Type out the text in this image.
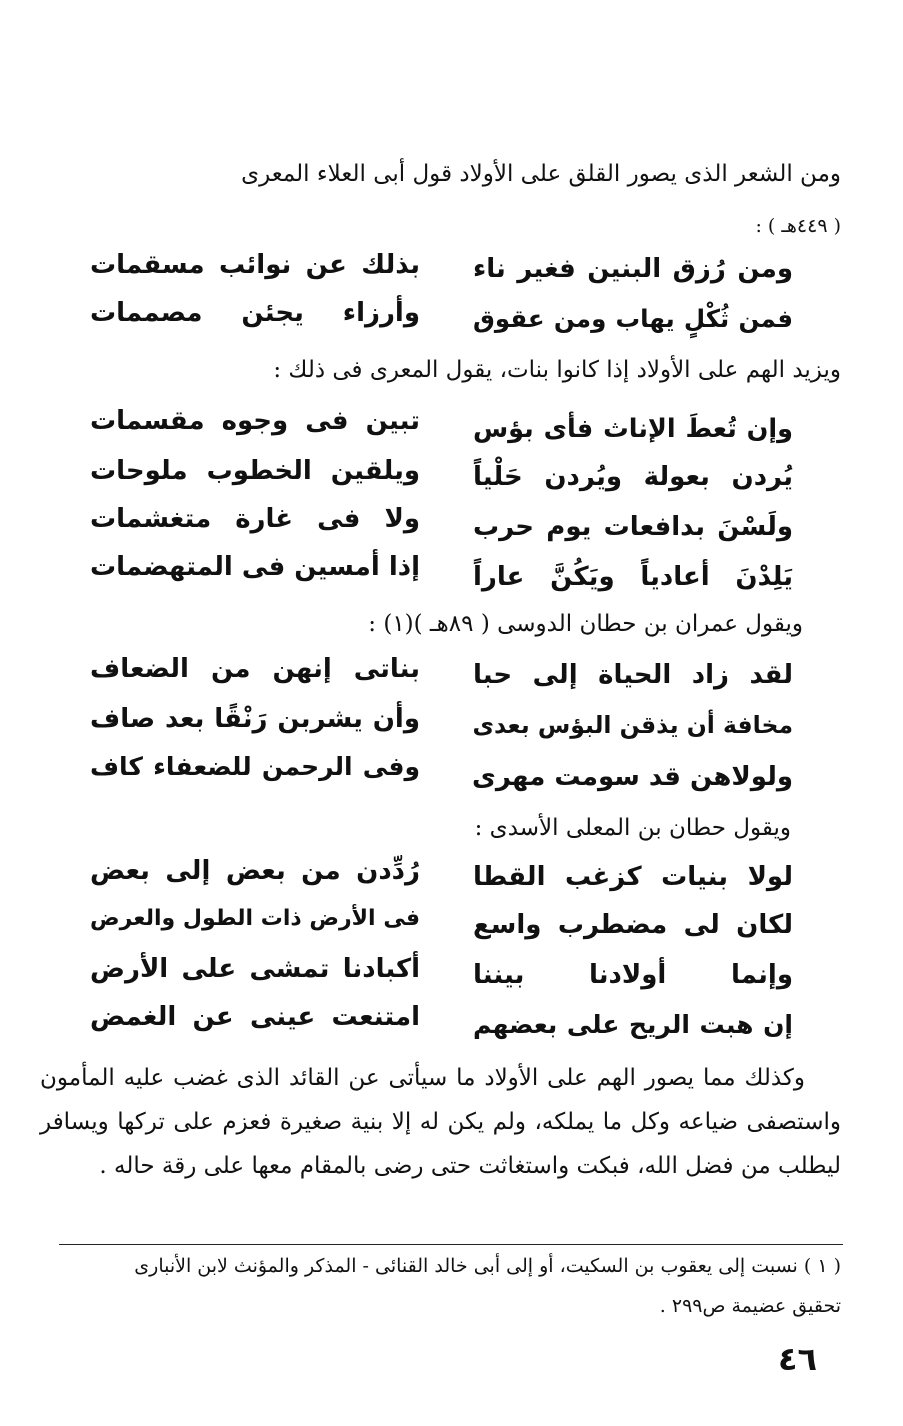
ومن الشعر الذى يصور القلق على الأولاد قول أبى العلاء المعرى
( ٤٤٩هـ ) :
ومن رُزق البنين فغير ناء
بذلك عن نوائب مسقمات
فمن ثُكْلٍ يهاب ومن عقوق
وأرزاء يجئن مصممات
ويزيد الهم على الأولاد إذا كانوا بنات، يقول المعرى فى ذلك :
وإن تُعطَ الإناث فأى بؤس
تبين فى وجوه مقسمات
يُردن بعولة ويُردن حَلْياً
ويلقين الخطوب ملوحات
ولَسْنَ بدافعات يوم حرب
ولا فى غارة متغشمات
يَلِدْنَ أعادياً ويَكُنَّ عاراً
إذا أمسين فى المتهضمات
ويقول عمران بن حطان الدوسى ( ٨٩هـ )(١) :
لقد زاد الحياة إلى حبا
بناتى إنهن من الضعاف
مخافة أن يذقن البؤس بعدى
وأن يشربن رَنْقًا بعد صاف
ولولاهن قد سومت مهرى
وفى الرحمن للضعفاء كاف
ويقول حطان بن المعلى الأسدى :
لولا بنيات كزغب القطا
رُدِّدن من بعض إلى بعض
لكان لى مضطرب واسع
فى الأرض ذات الطول والعرض
وإنما أولادنا بيننا
أكبادنا تمشى على الأرض
إن هبت الريح على بعضهم
امتنعت عينى عن الغمض
وكذلك مما يصور الهم على الأولاد ما سيأتى عن القائد الذى غضب عليه المأمون واستصفى ضياعه وكل ما يملكه، ولم يكن له إلا بنية صغيرة فعزم على تركها ويسافر ليطلب من فضل الله، فبكت واستغاثت حتى رضى بالمقام معها على رقة حاله .
( ١ ) نسبت إلى يعقوب بن السكيت، أو إلى أبى خالد القنائى - المذكر والمؤنث لابن الأنبارى
تحقيق عضيمة ص٢٩٩ .
٤٦
